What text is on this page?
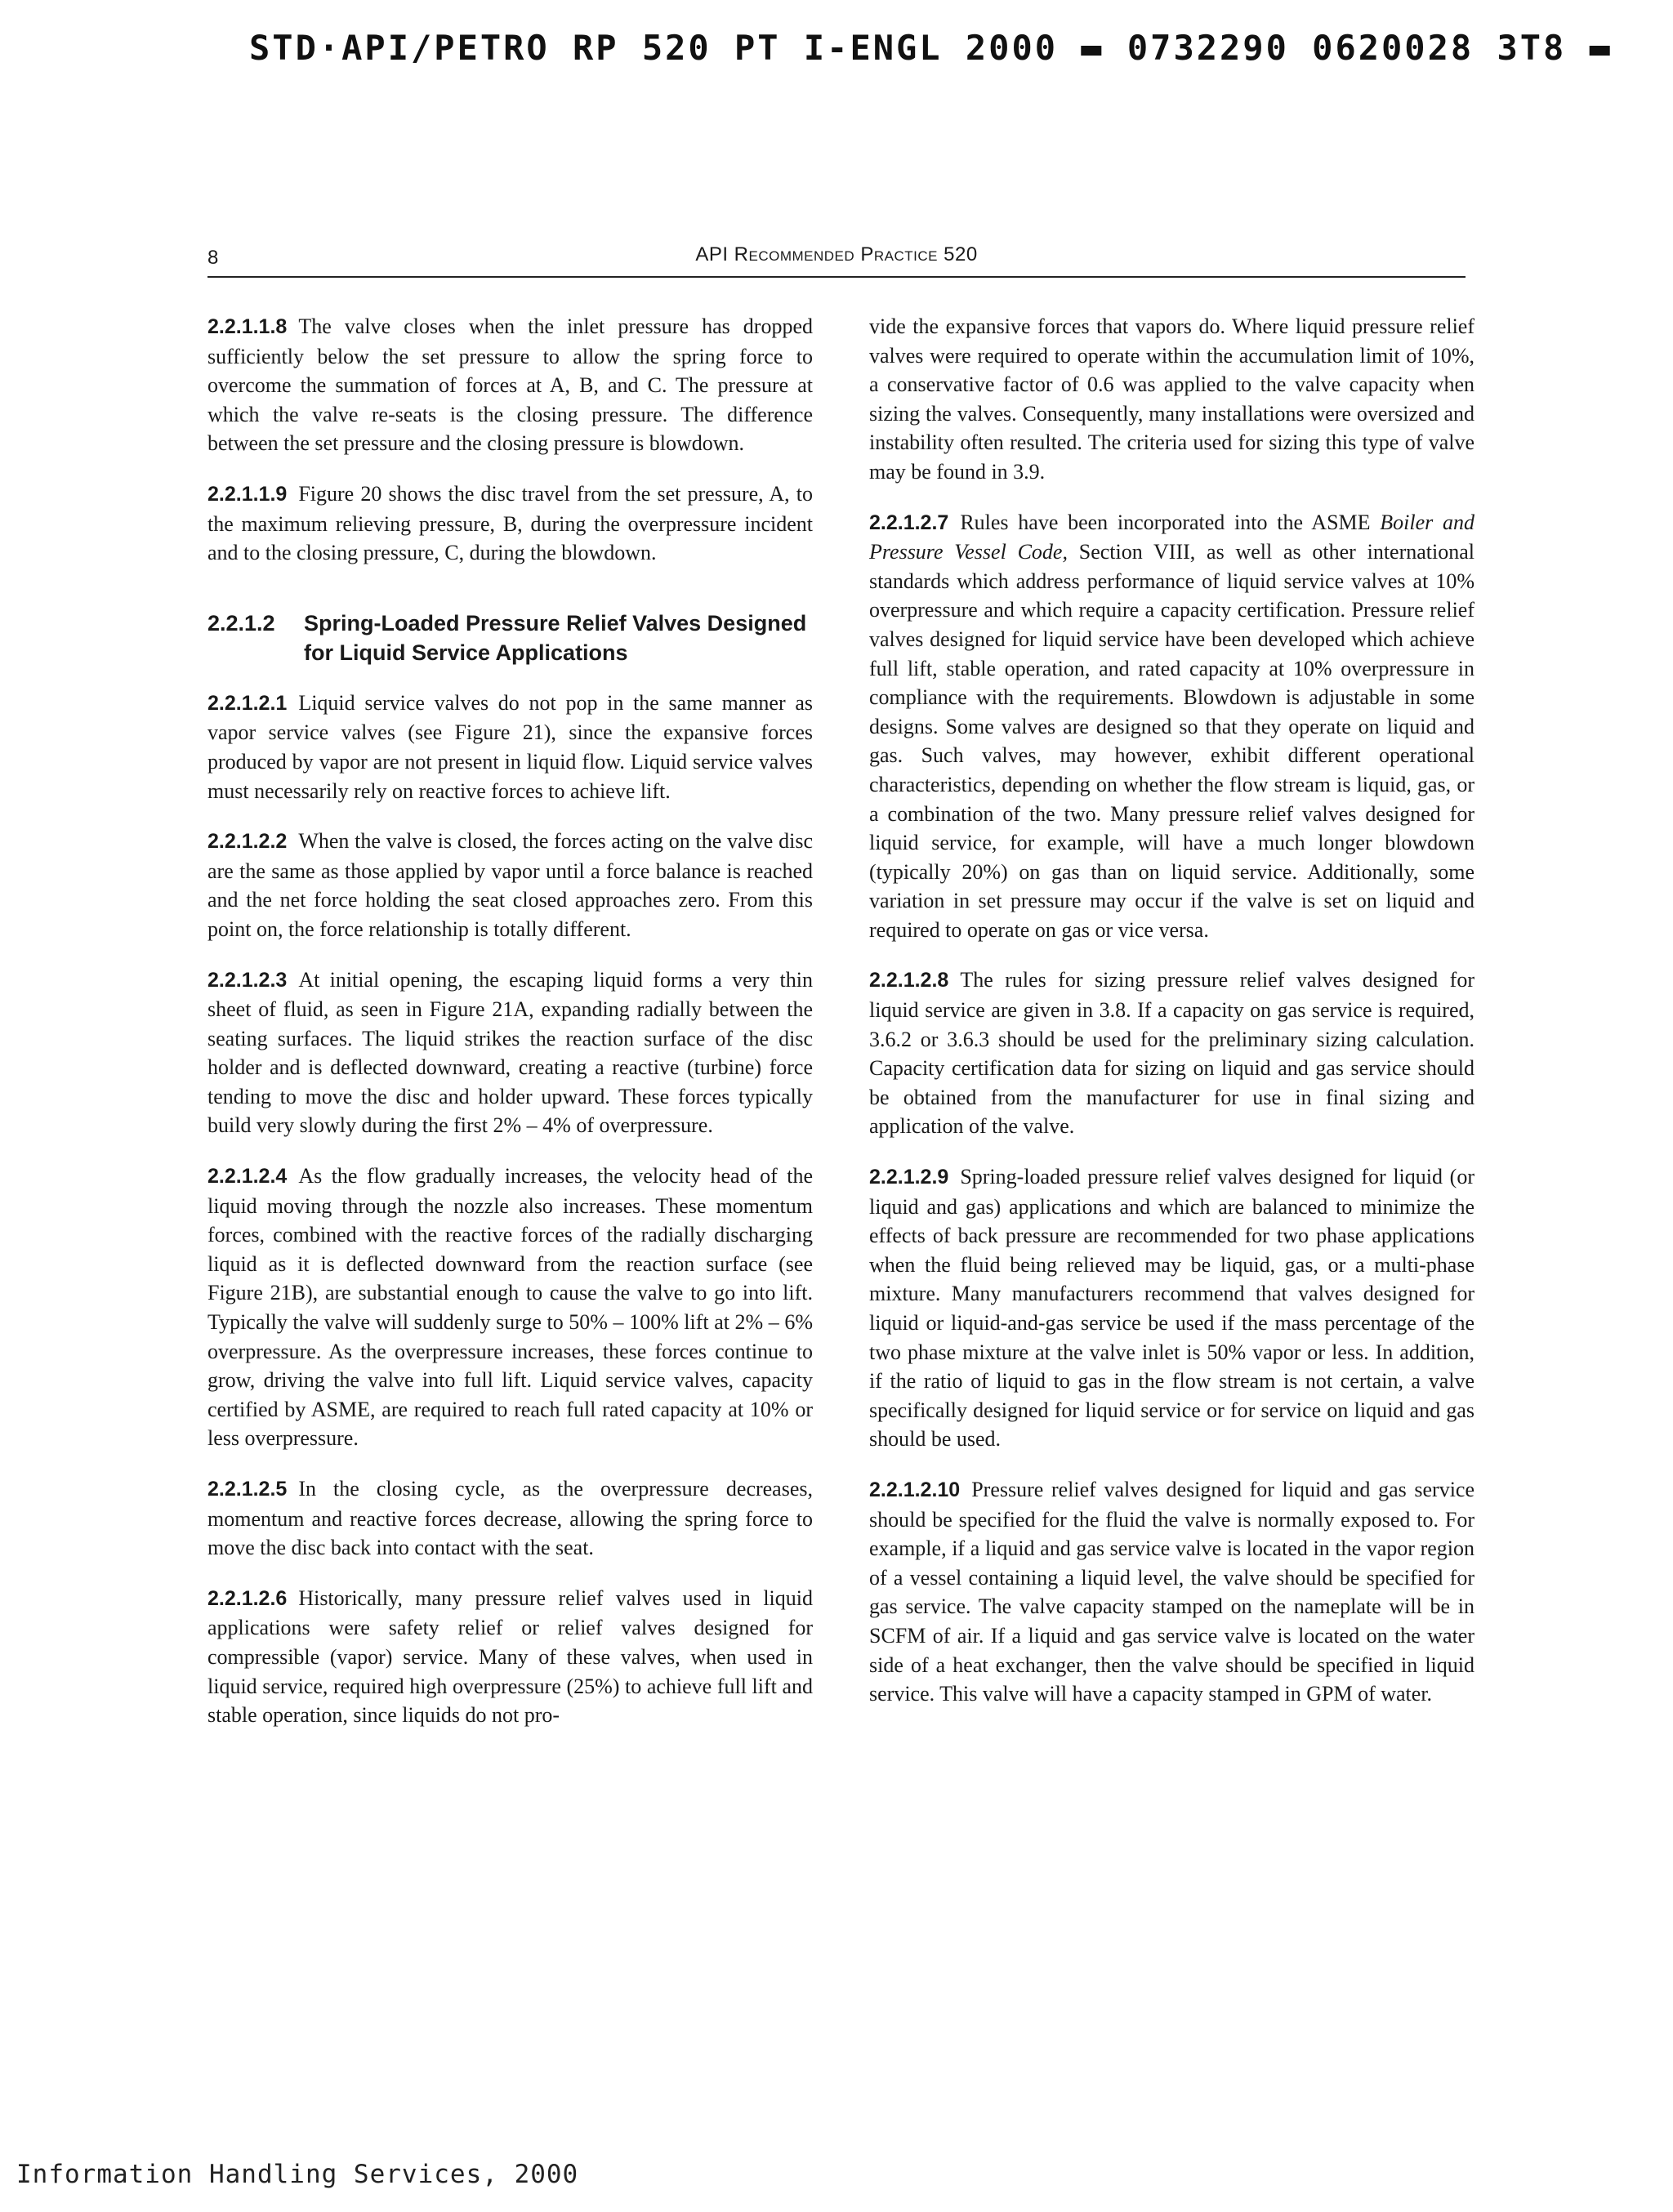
STD·API/PETRO RP 520 PT I-ENGL 2000 ▬ 0732290 0620028 3T8 ▬
8	API Recommended Practice 520

2.2.1.1.8 The valve closes when the inlet pressure has dropped sufficiently below the set pressure to allow the spring force to overcome the summation of forces at A, B, and C. The pressure at which the valve re-seats is the closing pressure. The difference between the set pressure and the closing pressure is blowdown.

2.2.1.1.9 Figure 20 shows the disc travel from the set pressure, A, to the maximum relieving pressure, B, during the overpressure incident and to the closing pressure, C, during the blowdown.

2.2.1.2	Spring-Loaded Pressure Relief Valves Designed for Liquid Service Applications

2.2.1.2.1 Liquid service valves do not pop in the same manner as vapor service valves (see Figure 21), since the expansive forces produced by vapor are not present in liquid flow. Liquid service valves must necessarily rely on reactive forces to achieve lift.

2.2.1.2.2 When the valve is closed, the forces acting on the valve disc are the same as those applied by vapor until a force balance is reached and the net force holding the seat closed approaches zero. From this point on, the force relationship is totally different.

2.2.1.2.3 At initial opening, the escaping liquid forms a very thin sheet of fluid, as seen in Figure 21A, expanding radially between the seating surfaces. The liquid strikes the reaction surface of the disc holder and is deflected downward, creating a reactive (turbine) force tending to move the disc and holder upward. These forces typically build very slowly during the first 2% – 4% of overpressure.

2.2.1.2.4 As the flow gradually increases, the velocity head of the liquid moving through the nozzle also increases. These momentum forces, combined with the reactive forces of the radially discharging liquid as it is deflected downward from the reaction surface (see Figure 21B), are substantial enough to cause the valve to go into lift. Typically the valve will suddenly surge to 50% – 100% lift at 2% – 6% overpressure. As the overpressure increases, these forces continue to grow, driving the valve into full lift. Liquid service valves, capacity certified by ASME, are required to reach full rated capacity at 10% or less overpressure.

2.2.1.2.5 In the closing cycle, as the overpressure decreases, momentum and reactive forces decrease, allowing the spring force to move the disc back into contact with the seat.

2.2.1.2.6 Historically, many pressure relief valves used in liquid applications were safety relief or relief valves designed for compressible (vapor) service. Many of these valves, when used in liquid service, required high overpressure (25%) to achieve full lift and stable operation, since liquids do not pro-

vide the expansive forces that vapors do. Where liquid pressure relief valves were required to operate within the accumulation limit of 10%, a conservative factor of 0.6 was applied to the valve capacity when sizing the valves. Consequently, many installations were oversized and instability often resulted. The criteria used for sizing this type of valve may be found in 3.9.

2.2.1.2.7 Rules have been incorporated into the ASME Boiler and Pressure Vessel Code, Section VIII, as well as other international standards which address performance of liquid service valves at 10% overpressure and which require a capacity certification. Pressure relief valves designed for liquid service have been developed which achieve full lift, stable operation, and rated capacity at 10% overpressure in compliance with the requirements. Blowdown is adjustable in some designs. Some valves are designed so that they operate on liquid and gas. Such valves, may however, exhibit different operational characteristics, depending on whether the flow stream is liquid, gas, or a combination of the two. Many pressure relief valves designed for liquid service, for example, will have a much longer blowdown (typically 20%) on gas than on liquid service. Additionally, some variation in set pressure may occur if the valve is set on liquid and required to operate on gas or vice versa.

2.2.1.2.8 The rules for sizing pressure relief valves designed for liquid service are given in 3.8. If a capacity on gas service is required, 3.6.2 or 3.6.3 should be used for the preliminary sizing calculation. Capacity certification data for sizing on liquid and gas service should be obtained from the manufacturer for use in final sizing and application of the valve.

2.2.1.2.9 Spring-loaded pressure relief valves designed for liquid (or liquid and gas) applications and which are balanced to minimize the effects of back pressure are recommended for two phase applications when the fluid being relieved may be liquid, gas, or a multi-phase mixture. Many manufacturers recommend that valves designed for liquid or liquid-and-gas service be used if the mass percentage of the two phase mixture at the valve inlet is 50% vapor or less. In addition, if the ratio of liquid to gas in the flow stream is not certain, a valve specifically designed for liquid service or for service on liquid and gas should be used.

2.2.1.2.10 Pressure relief valves designed for liquid and gas service should be specified for the fluid the valve is normally exposed to. For example, if a liquid and gas service valve is located in the vapor region of a vessel containing a liquid level, the valve should be specified for gas service. The valve capacity stamped on the nameplate will be in SCFM of air. If a liquid and gas service valve is located on the water side of a heat exchanger, then the valve should be specified in liquid service. This valve will have a capacity stamped in GPM of water.

Information Handling Services, 2000
